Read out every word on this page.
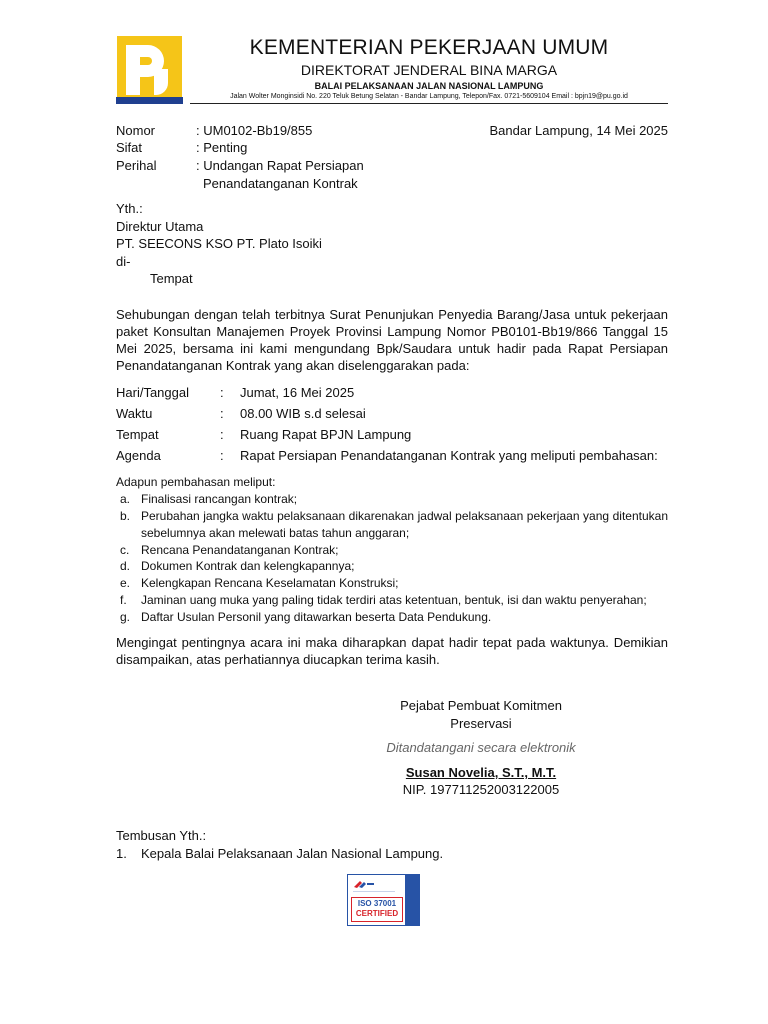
KEMENTERIAN PEKERJAAN UMUM
DIREKTORAT JENDERAL BINA MARGA
BALAI PELAKSANAAN JALAN NASIONAL LAMPUNG
Jalan Wolter Monginsidi No. 220 Teluk Betung Selatan - Bandar Lampung, Telepon/Fax. 0721-5609104 Email : bpjn19@pu.go.id
Nomor	: UM0102-Bb19/855	Bandar Lampung, 14 Mei 2025
Sifat	: Penting
Perihal	: Undangan Rapat Persiapan
Penandatanganan Kontrak
Yth.:
Direktur Utama
PT. SEECONS KSO PT. Plato Isoiki
di-
Tempat
Sehubungan dengan telah terbitnya Surat Penunjukan Penyedia Barang/Jasa untuk pekerjaan paket Konsultan Manajemen Proyek Provinsi Lampung Nomor PB0101-Bb19/866 Tanggal 15 Mei 2025, bersama ini kami mengundang Bpk/Saudara untuk hadir pada Rapat Persiapan Penandatanganan Kontrak yang akan diselenggarakan pada:
Hari/Tanggal : Jumat, 16 Mei 2025
Waktu	: 08.00 WIB s.d selesai
Tempat	: Ruang Rapat BPJN Lampung
Agenda	: Rapat Persiapan Penandatanganan Kontrak yang meliputi pembahasan:
Adapun pembahasan meliput:
a. Finalisasi rancangan kontrak;
b. Perubahan jangka waktu pelaksanaan dikarenakan jadwal pelaksanaan pekerjaan yang ditentukan sebelumnya akan melewati batas tahun anggaran;
c. Rencana Penandatanganan Kontrak;
d. Dokumen Kontrak dan kelengkapannya;
e. Kelengkapan Rencana Keselamatan Konstruksi;
f. Jaminan uang muka yang paling tidak terdiri atas ketentuan, bentuk, isi dan waktu penyerahan;
g. Daftar Usulan Personil yang ditawarkan beserta Data Pendukung.
Mengingat pentingnya acara ini maka diharapkan dapat hadir tepat pada waktunya. Demikian disampaikan, atas perhatiannya diucapkan terima kasih.
Pejabat Pembuat Komitmen
Preservasi
Ditandatangani secara elektronik
Susan Novelia, S.T., M.T.
NIP. 197711252003122005
Tembusan Yth.:
1. Kepala Balai Pelaksanaan Jalan Nasional Lampung.
ISO 37001
CERTIFIED
